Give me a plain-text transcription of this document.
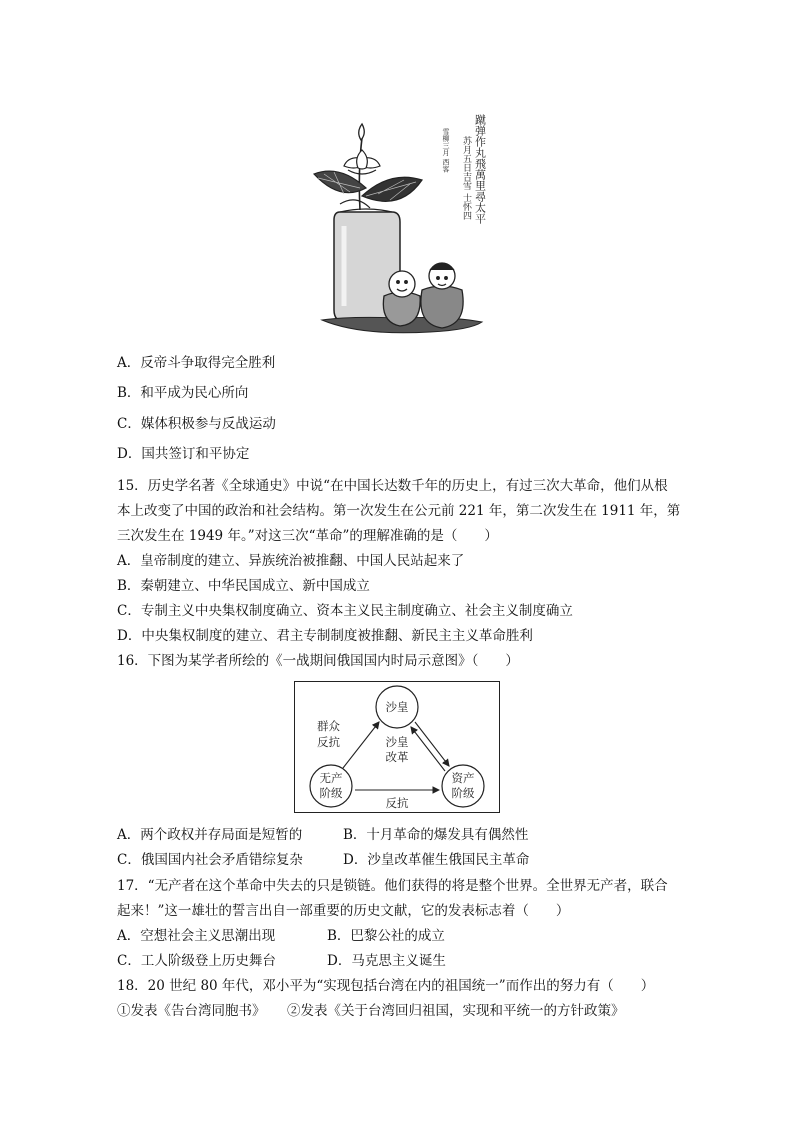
蹴弹作丸飛萬里尋太平
苏月五日吉雪 士怀四
雪柳三月 西客
A．反帝斗争取得完全胜利
B．和平成为民心所向
C．媒体积极参与反战运动
D．国共签订和平协定
15．历史学名著《全球通史》中说“在中国长达数千年的历史上，有过三次大革命，他们从根
本上改变了中国的政治和社会结构。第一次发生在公元前 221 年，第二次发生在 1911 年，第
三次发生在 1949 年。”对这三次“革命”的理解准确的是（　　）
A．皇帝制度的建立、异族统治被推翻、中国人民站起来了
B．秦朝建立、中华民国成立、新中国成立
C．专制主义中央集权制度确立、资本主义民主制度确立、社会主义制度确立
D．中央集权制度的建立、君主专制制度被推翻、新民主主义革命胜利
16．下图为某学者所绘的《一战期间俄国国内时局示意图》（　　）
沙皇
无产
阶级
资产
阶级
群众
反抗	沙皇
改革
反抗
A．两个政权并存局面是短暂的	B．十月革命的爆发具有偶然性
C．俄国国内社会矛盾错综复杂	D．沙皇改革催生俄国民主革命
17．“无产者在这个革命中失去的只是锁链。他们获得的将是整个世界。全世界无产者，联合
起来！”这一雄壮的誓言出自一部重要的历史文献，它的发表标志着（　　）
A．空想社会主义思潮出现	B．巴黎公社的成立
C．工人阶级登上历史舞台	D．马克思主义诞生
18．20 世纪 80 年代，邓小平为“实现包括台湾在内的祖国统一”而作出的努力有（　　）
①发表《告台湾同胞书》 ②发表《关于台湾回归祖国，实现和平统一的方针政策》
